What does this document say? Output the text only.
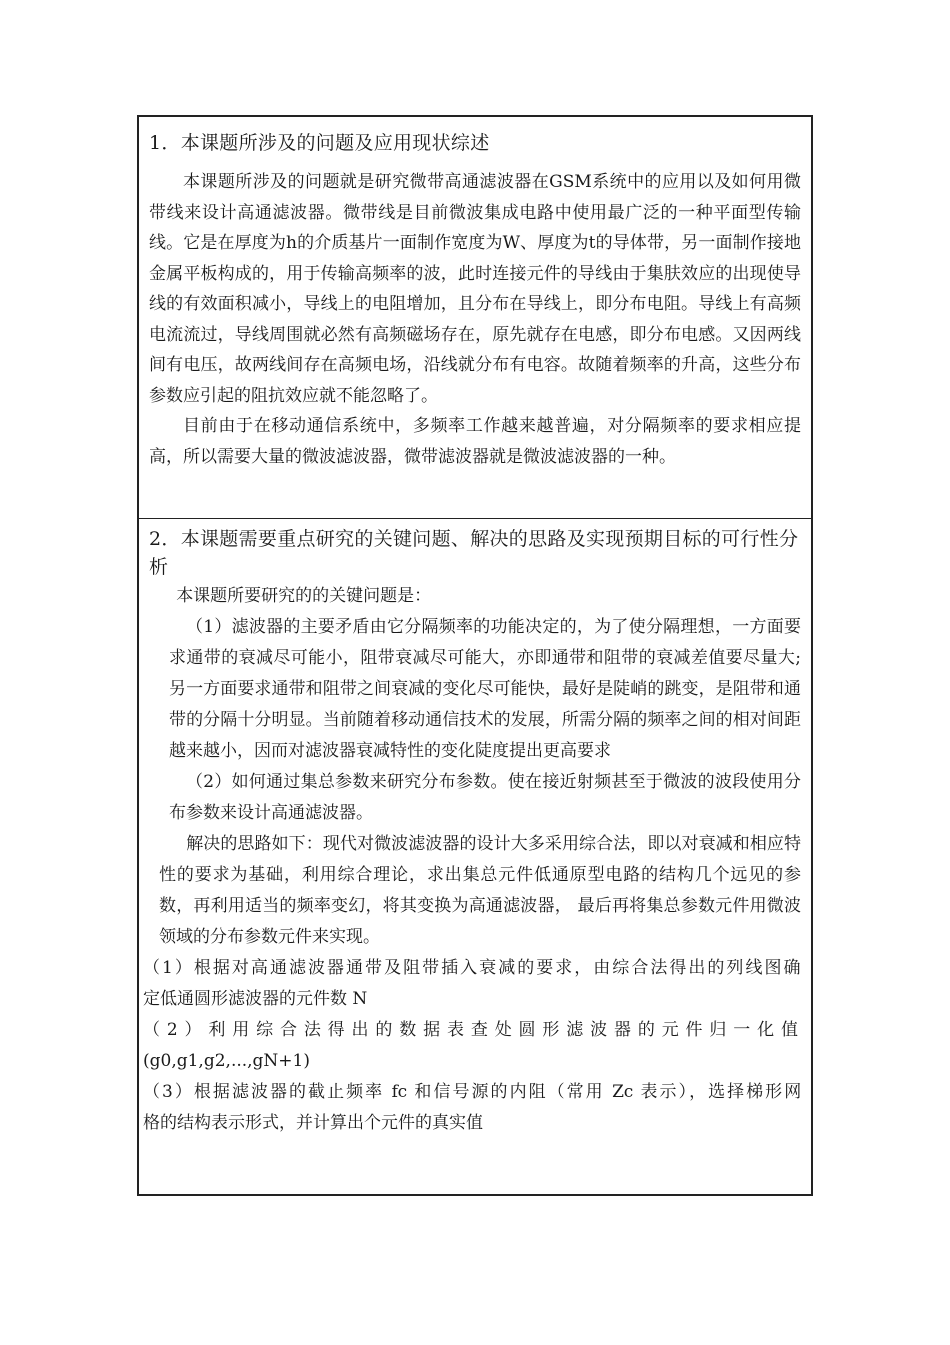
1．本课题所涉及的问题及应用现状综述

本课题所涉及的问题就是研究微带高通滤波器在GSM系统中的应用以及如何用微带线来设计高通滤波器。微带线是目前微波集成电路中使用最广泛的一种平面型传输线。它是在厚度为h的介质基片一面制作宽度为W、厚度为t的导体带，另一面制作接地金属平板构成的，用于传输高频率的波，此时连接元件的导线由于集肤效应的出现使导线的有效面积减小，导线上的电阻增加，且分布在导线上，即分布电阻。导线上有高频电流流过，导线周围就必然有高频磁场存在，原先就存在电感，即分布电感。又因两线间有电压，故两线间存在高频电场，沿线就分布有电容。故随着频率的升高，这些分布参数应引起的阻抗效应就不能忽略了。

目前由于在移动通信系统中，多频率工作越来越普遍，对分隔频率的要求相应提高，所以需要大量的微波滤波器，微带滤波器就是微波滤波器的一种。

2．本课题需要重点研究的关键问题、解决的思路及实现预期目标的可行性分析

本课题所要研究的的关键问题是：

（1）滤波器的主要矛盾由它分隔频率的功能决定的，为了使分隔理想，一方面要求通带的衰减尽可能小，阻带衰减尽可能大，亦即通带和阻带的衰减差值要尽量大;另一方面要求通带和阻带之间衰减的变化尽可能快，最好是陡峭的跳变，是阻带和通带的分隔十分明显。当前随着移动通信技术的发展，所需分隔的频率之间的相对间距越来越小，因而对滤波器衰减特性的变化陡度提出更高要求

（2）如何通过集总参数来研究分布参数。使在接近射频甚至于微波的波段使用分布参数来设计高通滤波器。

解决的思路如下：现代对微波滤波器的设计大多采用综合法，即以对衰减和相应特性的要求为基础，利用综合理论，求出集总元件低通原型电路的结构几个远见的参数，再利用适当的频率变幻，将其变换为高通滤波器， 最后再将集总参数元件用微波领域的分布参数元件来实现。

（1）根据对高通滤波器通带及阻带插入衰减的要求，由综合法得出的列线图确

定低通圆形滤波器的元件数 N

（2）利用综合法得出的数据表查处圆形滤波器的元件归一化值

(g0,g1,g2,...,gN+1)

（3）根据滤波器的截止频率 fc 和信号源的内阻（常用 Zc 表示），选择梯形网

格的结构表示形式，并计算出个元件的真实值
